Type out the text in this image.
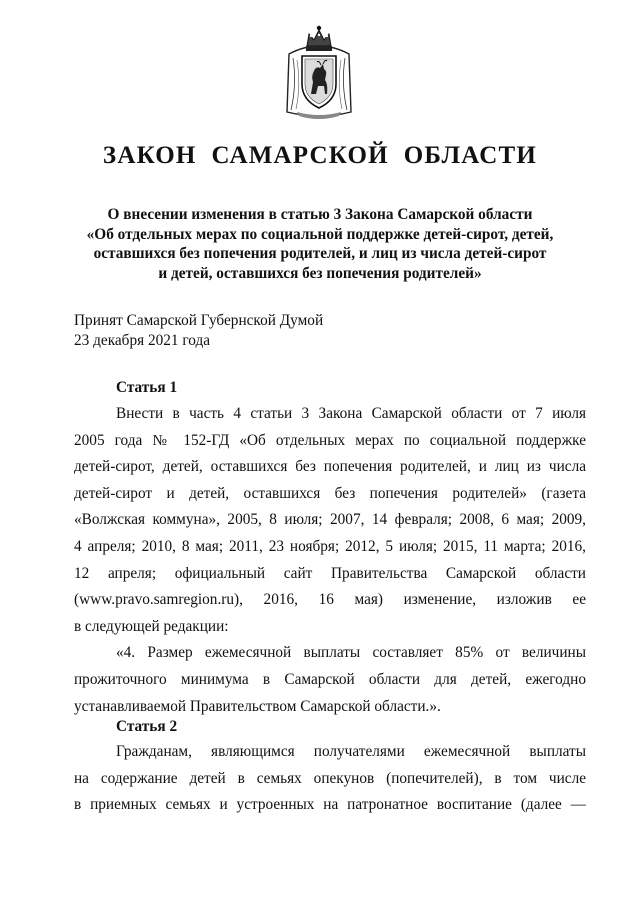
ЗАКОН  САМАРСКОЙ  ОБЛАСТИ
О внесении изменения в статью 3 Закона Самарской области
«Об отдельных мерах по социальной поддержке детей-сирот, детей,
оставшихся без попечения родителей, и лиц из числа детей-сирот
и детей, оставшихся без попечения родителей»
Принят Самарской Губернской Думой
23 декабря 2021 года
Статья 1
Внести в часть 4 статьи 3 Закона Самарской области от 7 июля
2005 года № 152-ГД «Об отдельных мерах по социальной поддержке
детей-сирот, детей, оставшихся без попечения родителей, и лиц из числа
детей-сирот и детей, оставшихся без попечения родителей» (газета
«Волжская коммуна», 2005, 8 июля; 2007, 14 февраля; 2008, 6 мая; 2009,
4 апреля; 2010, 8 мая; 2011, 23 ноября; 2012, 5 июля; 2015, 11 марта; 2016,
12 апреля; официальный сайт Правительства Самарской области
(www.pravo.samregion.ru), 2016, 16 мая) изменение, изложив ее
в следующей редакции:
«4. Размер ежемесячной выплаты составляет 85% от величины
прожиточного минимума в Самарской области для детей, ежегодно
устанавливаемой Правительством Самарской области.».
Статья 2
Гражданам, являющимся получателями ежемесячной выплаты
на содержание детей в семьях опекунов (попечителей), в том числе
в приемных семьях и устроенных на патронатное воспитание (далее —
